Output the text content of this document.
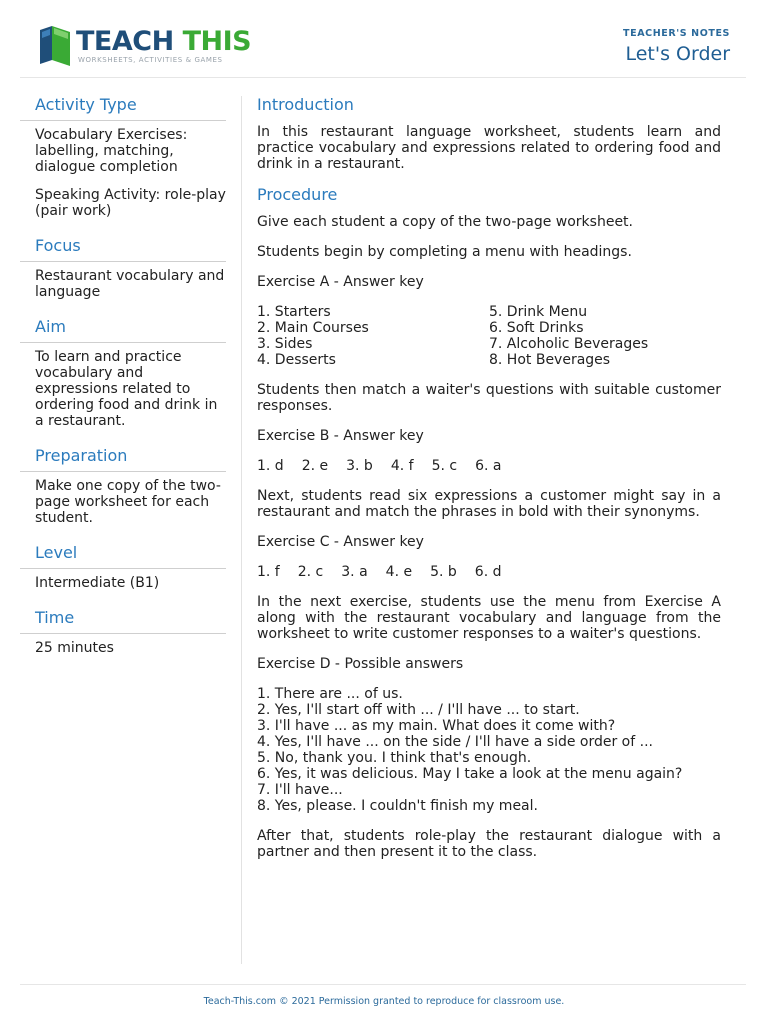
TEACH THIS
WORKSHEETS, ACTIVITIES & GAMES
TEACHER'S NOTES
Let's Order
Activity Type
Vocabulary Exercises: labelling, matching, dialogue completion
Speaking Activity: role-play (pair work)
Focus
Restaurant vocabulary and language
Aim
To learn and practice vocabulary and expressions related to ordering food and drink in a restaurant.
Preparation
Make one copy of the two-page worksheet for each student.
Level
Intermediate (B1)
Time
25 minutes
Introduction
In this restaurant language worksheet, students learn and practice vocabulary and expressions related to ordering food and drink in a restaurant.
Procedure
Give each student a copy of the two-page worksheet.
Students begin by completing a menu with headings.
Exercise A - Answer key
1. Starters
2. Main Courses
3. Sides
4. Desserts
5. Drink Menu
6. Soft Drinks
7. Alcoholic Beverages
8. Hot Beverages
Students then match a waiter's questions with suitable customer responses.
Exercise B - Answer key
1. d 2. e 3. b 4. f 5. c 6. a
Next, students read six expressions a customer might say in a restaurant and match the phrases in bold with their synonyms.
Exercise C - Answer key
1. f 2. c 3. a 4. e 5. b 6. d
In the next exercise, students use the menu from Exercise A along with the restaurant vocabulary and language from the worksheet to write customer responses to a waiter's questions.
Exercise D - Possible answers
1. There are ... of us.
2. Yes, I'll start off with ... / I'll have ... to start.
3. I'll have ... as my main. What does it come with?
4. Yes, I'll have ... on the side / I'll have a side order of ...
5. No, thank you. I think that's enough.
6. Yes, it was delicious. May I take a look at the menu again?
7. I'll have...
8. Yes, please. I couldn't finish my meal.
After that, students role-play the restaurant dialogue with a partner and then present it to the class.
Teach-This.com © 2021 Permission granted to reproduce for classroom use.
